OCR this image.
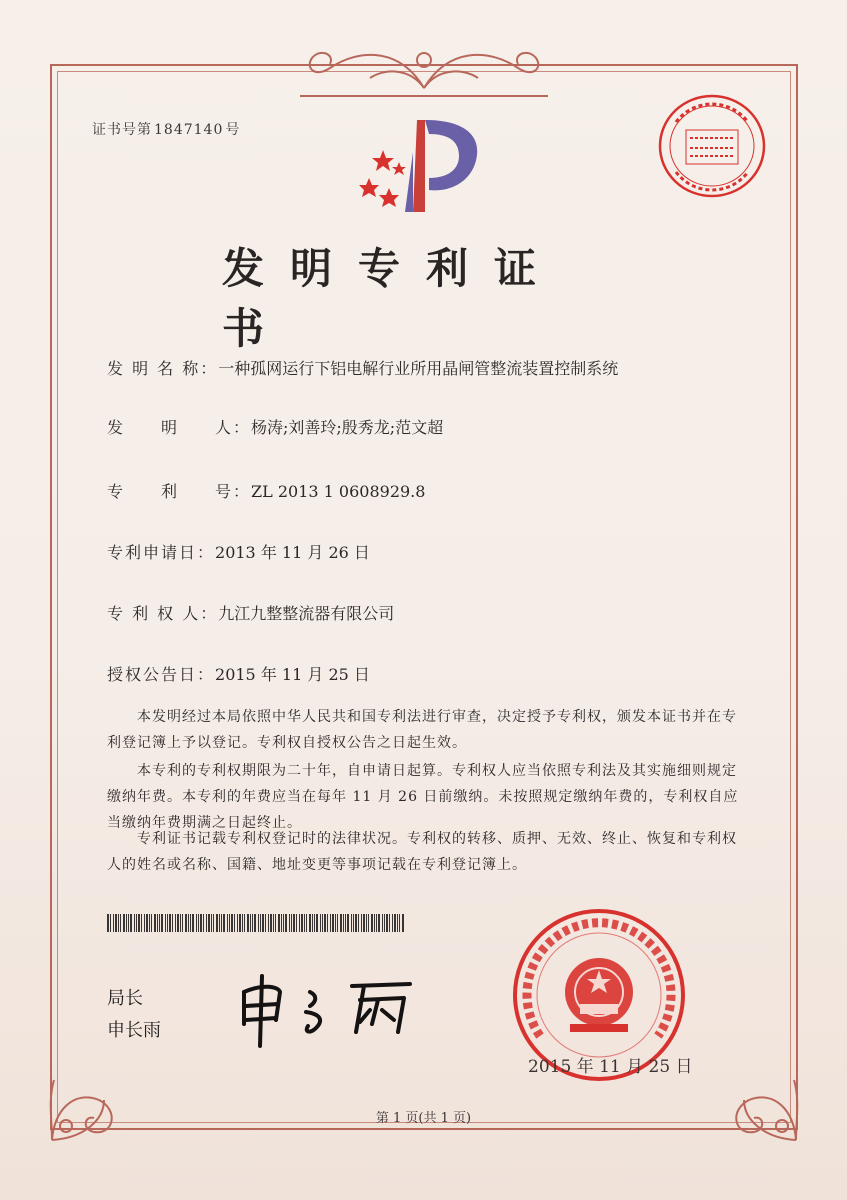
证书号第 1847140 号
发明专利证书
发 明 名 称：一种孤网运行下铝电解行业所用晶闸管整流装置控制系统
发　　明　　人：杨涛;刘善玲;殷秀龙;范文超
专　　利　　号：ZL 2013 1 0608929.8
专利申请日：2013 年 11 月 26 日
专 利 权 人：九江九整整流器有限公司
授权公告日：2015 年 11 月 25 日
　　本发明经过本局依照中华人民共和国专利法进行审查，决定授予专利权，颁发本证书并在专利登记簿上予以登记。专利权自授权公告之日起生效。
　　本专利的专利权期限为二十年，自申请日起算。专利权人应当依照专利法及其实施细则规定缴纳年费。本专利的年费应当在每年 11 月 26 日前缴纳。未按照规定缴纳年费的，专利权自应当缴纳年费期满之日起终止。
　　专利证书记载专利权登记时的法律状况。专利权的转移、质押、无效、终止、恢复和专利权人的姓名或名称、国籍、地址变更等事项记载在专利登记簿上。
局长
申长雨
2015 年 11 月 25 日
第 1 页(共 1 页)
